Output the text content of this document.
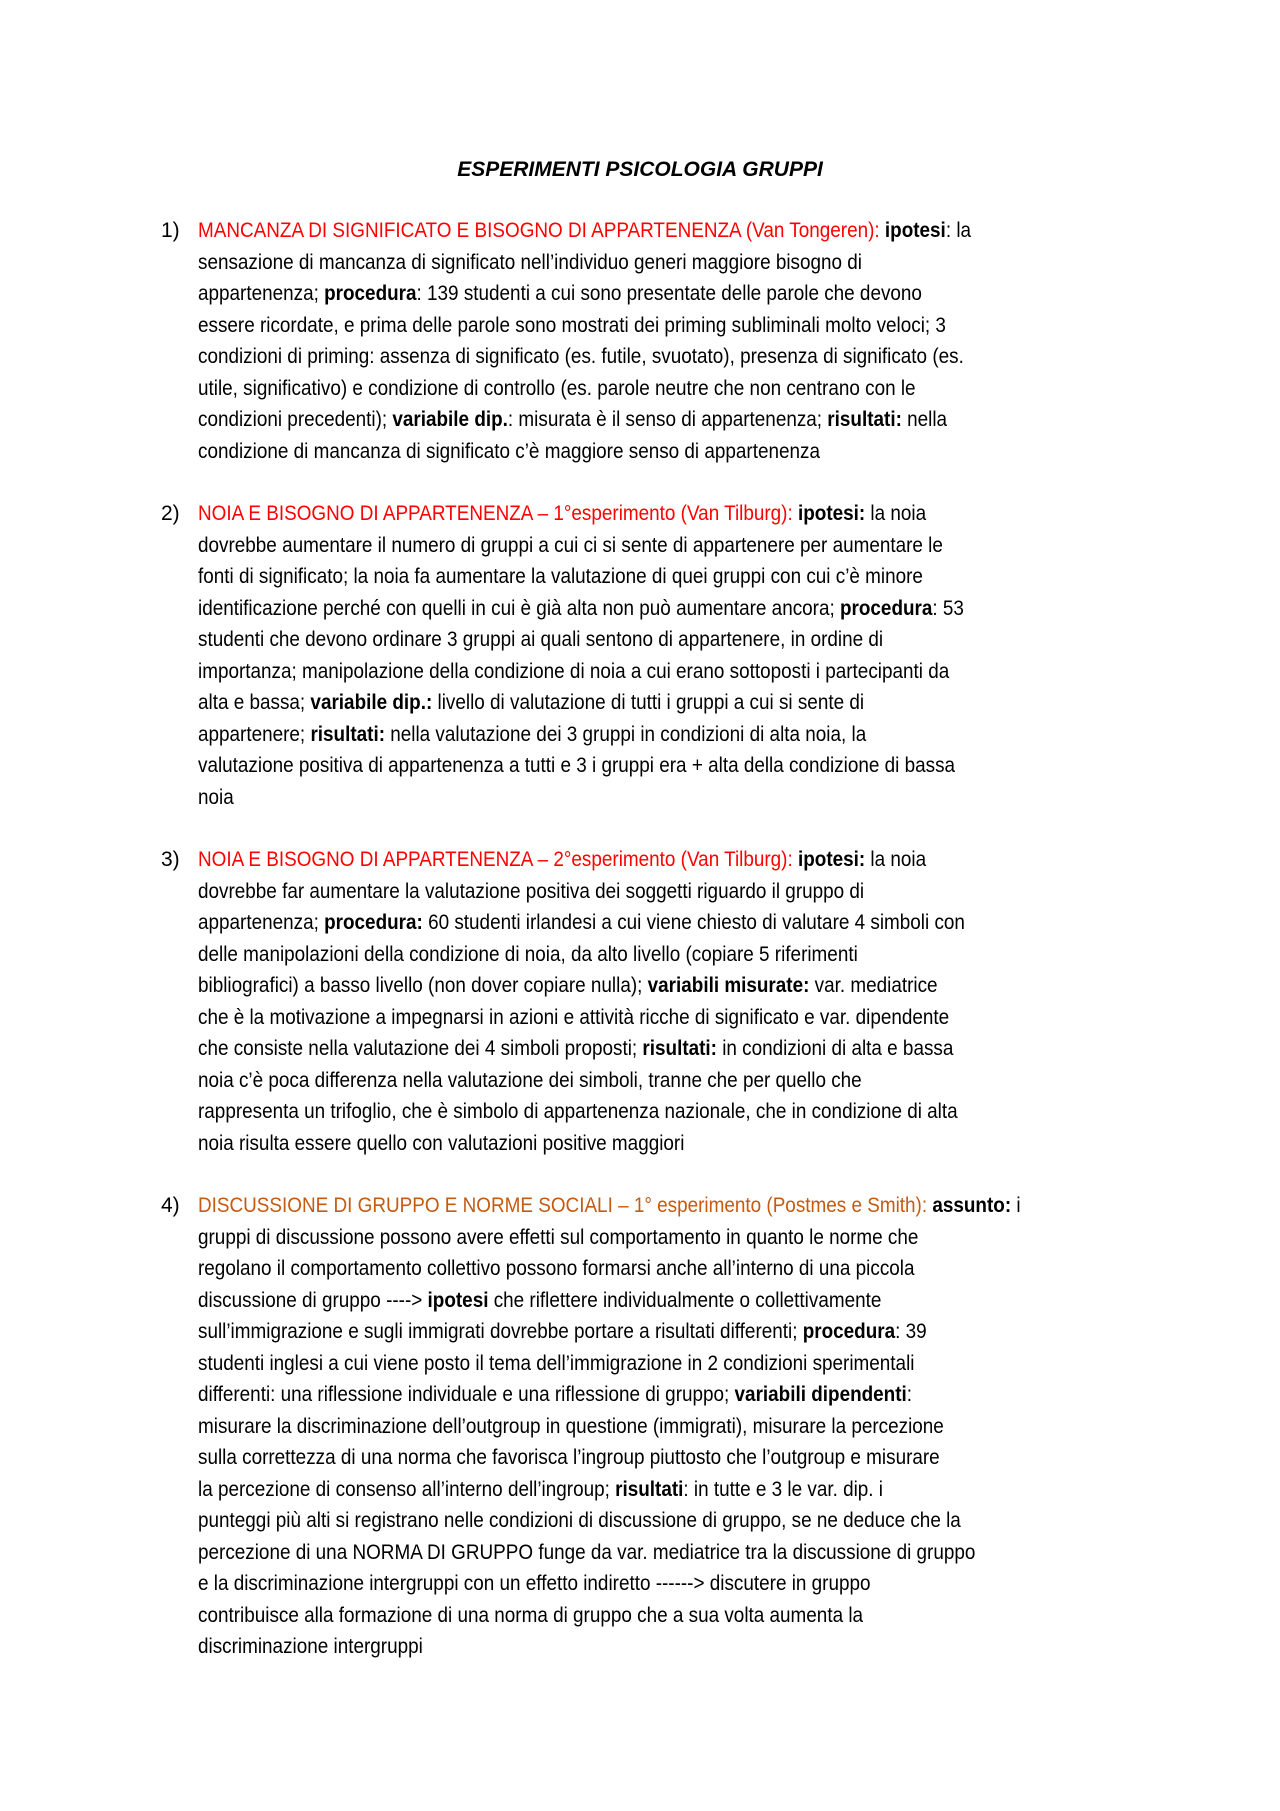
ESPERIMENTI PSICOLOGIA GRUPPI
1) MANCANZA DI SIGNIFICATO E BISOGNO DI APPARTENENZA (Van Tongeren): ipotesi: la
sensazione di mancanza di significato nell’individuo generi maggiore bisogno di
appartenenza; procedura: 139 studenti a cui sono presentate delle parole che devono
essere ricordate, e prima delle parole sono mostrati dei priming subliminali molto veloci; 3
condizioni di priming: assenza di significato (es. futile, svuotato), presenza di significato (es.
utile, significativo) e condizione di controllo (es. parole neutre che non centrano con le
condizioni precedenti); variabile dip.: misurata è il senso di appartenenza; risultati: nella
condizione di mancanza di significato c’è maggiore senso di appartenenza
2) NOIA E BISOGNO DI APPARTENENZA – 1°esperimento (Van Tilburg): ipotesi: la noia
dovrebbe aumentare il numero di gruppi a cui ci si sente di appartenere per aumentare le
fonti di significato; la noia fa aumentare la valutazione di quei gruppi con cui c’è minore
identificazione perché con quelli in cui è già alta non può aumentare ancora; procedura: 53
studenti che devono ordinare 3 gruppi ai quali sentono di appartenere, in ordine di
importanza; manipolazione della condizione di noia a cui erano sottoposti i partecipanti da
alta e bassa; variabile dip.: livello di valutazione di tutti i gruppi a cui si sente di
appartenere; risultati: nella valutazione dei 3 gruppi in condizioni di alta noia, la
valutazione positiva di appartenenza a tutti e 3 i gruppi era + alta della condizione di bassa
noia
3) NOIA E BISOGNO DI APPARTENENZA – 2°esperimento (Van Tilburg): ipotesi: la noia
dovrebbe far aumentare la valutazione positiva dei soggetti riguardo il gruppo di
appartenenza; procedura: 60 studenti irlandesi a cui viene chiesto di valutare 4 simboli con
delle manipolazioni della condizione di noia, da alto livello (copiare 5 riferimenti
bibliografici) a basso livello (non dover copiare nulla); variabili misurate: var. mediatrice
che è la motivazione a impegnarsi in azioni e attività ricche di significato e var. dipendente
che consiste nella valutazione dei 4 simboli proposti; risultati: in condizioni di alta e bassa
noia c’è poca differenza nella valutazione dei simboli, tranne che per quello che
rappresenta un trifoglio, che è simbolo di appartenenza nazionale, che in condizione di alta
noia risulta essere quello con valutazioni positive maggiori
4) DISCUSSIONE DI GRUPPO E NORME SOCIALI – 1° esperimento (Postmes e Smith): assunto: i
gruppi di discussione possono avere effetti sul comportamento in quanto le norme che
regolano il comportamento collettivo possono formarsi anche all’interno di una piccola
discussione di gruppo ----> ipotesi che riflettere individualmente o collettivamente
sull’immigrazione e sugli immigrati dovrebbe portare a risultati differenti; procedura: 39
studenti inglesi a cui viene posto il tema dell’immigrazione in 2 condizioni sperimentali
differenti: una riflessione individuale e una riflessione di gruppo; variabili dipendenti:
misurare la discriminazione dell’outgroup in questione (immigrati), misurare la percezione
sulla correttezza di una norma che favorisca l’ingroup piuttosto che l’outgroup e misurare
la percezione di consenso all’interno dell’ingroup; risultati: in tutte e 3 le var. dip. i
punteggi più alti si registrano nelle condizioni di discussione di gruppo, se ne deduce che la
percezione di una NORMA DI GRUPPO funge da var. mediatrice tra la discussione di gruppo
e la discriminazione intergruppi con un effetto indiretto ------> discutere in gruppo
contribuisce alla formazione di una norma di gruppo che a sua volta aumenta la
discriminazione intergruppi
